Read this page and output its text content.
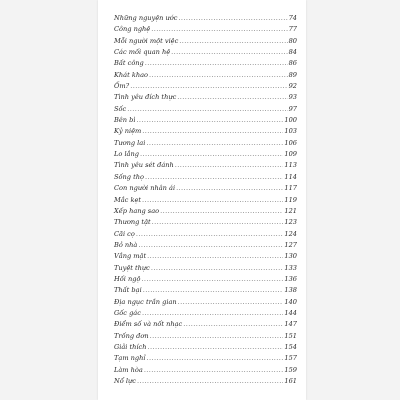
Những nguyện ước .....	74
Công nghệ .....	77
Mỗi người một việc .....	80
Các mối quan hệ .....	84
Bất công .....	86
Khát khao .....	89
Ốm? .....	92
Tình yêu đích thực .....	93
Sốc .....	97
Bên bì .....	100
Kỷ niệm .....	103
Tương lai .....	106
Lo lắng .....	109
Tình yêu sét đánh .....	113
Sống thọ .....	114
Con người nhân ái .....	117
Mắc kẹt .....	119
Xếp hang sao .....	121
Thương tật .....	123
Cãi cọ .....	124
Bỏ nhà .....	127
Vắng mặt .....	130
Tuyệt thực .....	133
Hối ngộ .....	136
Thất bại .....	138
Địa ngục trần gian .....	140
Gốc gác .....	144
Điểm số và nốt nhạc .....	147
Trống đơn .....	151
Giải thích .....	154
Tạm nghỉ .....	157
Làm hòa .....	159
Nổ lực .....	161
